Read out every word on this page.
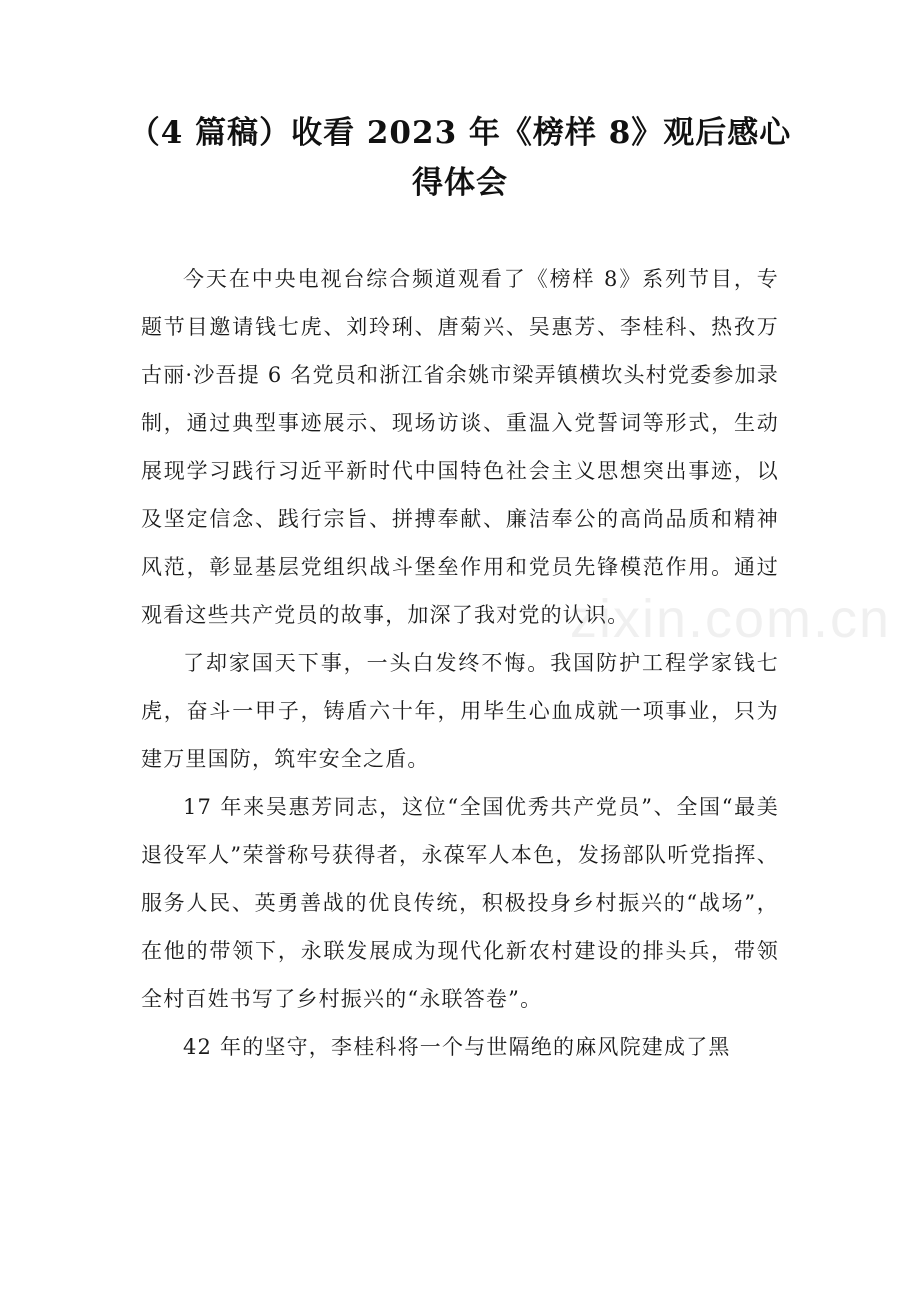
（4 篇稿）收看 2023 年《榜样 8》观后感心
得体会

今天在中央电视台综合频道观看了《榜样 8》系列节目，专题节目邀请钱七虎、刘玲琍、唐菊兴、吴惠芳、李桂科、热孜万古丽·沙吾提 6 名党员和浙江省余姚市梁弄镇横坎头村党委参加录制，通过典型事迹展示、现场访谈、重温入党誓词等形式，生动展现学习践行习近平新时代中国特色社会主义思想突出事迹，以及坚定信念、践行宗旨、拼搏奉献、廉洁奉公的高尚品质和精神风范，彰显基层党组织战斗堡垒作用和党员先锋模范作用。通过观看这些共产党员的故事，加深了我对党的认识。

了却家国天下事，一头白发终不悔。我国防护工程学家钱七虎，奋斗一甲子，铸盾六十年，用毕生心血成就一项事业，只为建万里国防，筑牢安全之盾。

17 年来吴惠芳同志，这位“全国优秀共产党员”、全国“最美退役军人”荣誉称号获得者，永葆军人本色，发扬部队听党指挥、服务人民、英勇善战的优良传统，积极投身乡村振兴的“战场”，在他的带领下，永联发展成为现代化新农村建设的排头兵，带领全村百姓书写了乡村振兴的“永联答卷”。

42 年的坚守，李桂科将一个与世隔绝的麻风院建成了黑

zixin.com.cn
